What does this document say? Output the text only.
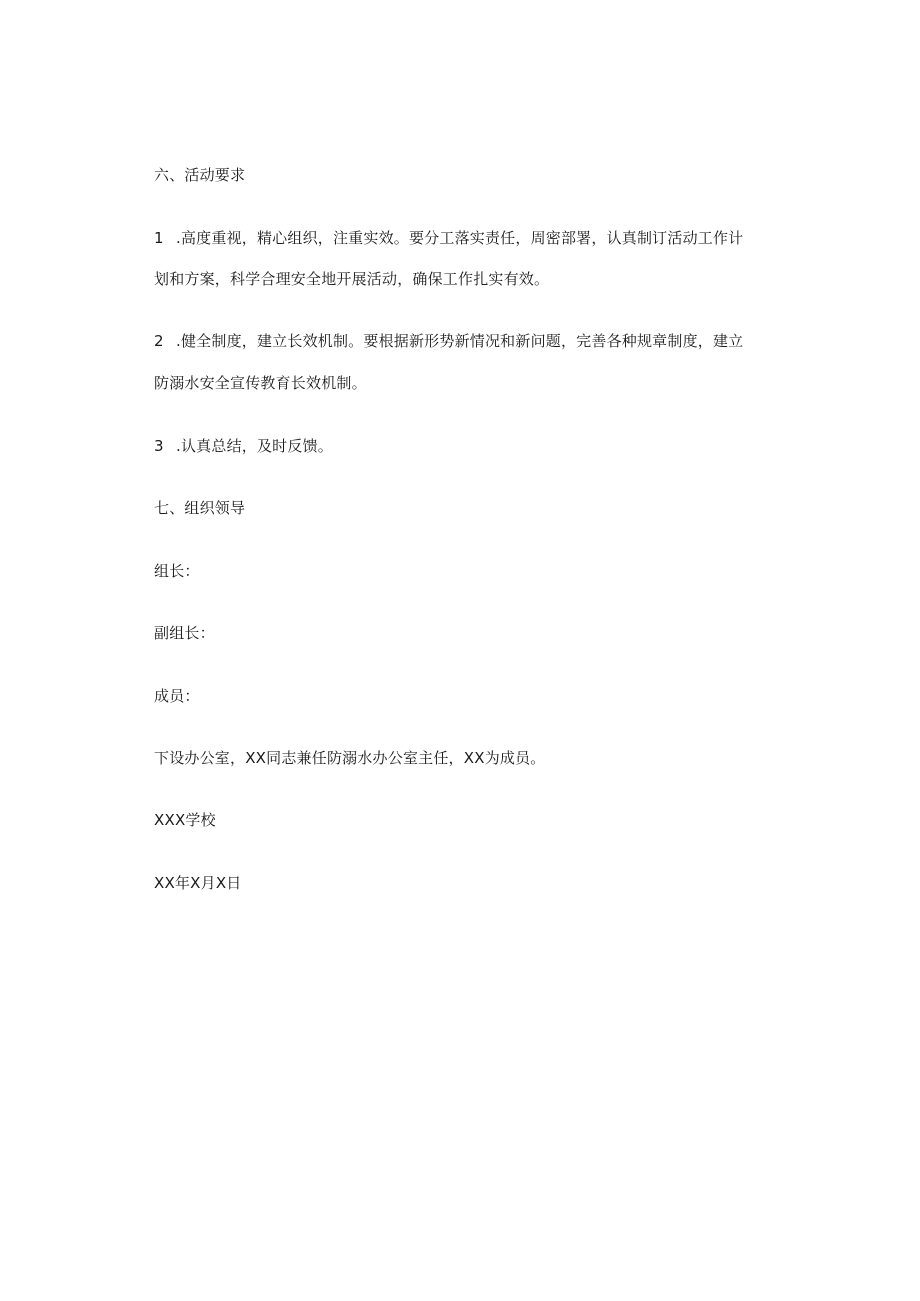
六、活动要求
1 .高度重视，精心组织，注重实效。要分工落实责任，周密部署，认真制订活动工作计
划和方案，科学合理安全地开展活动，确保工作扎实有效。
2 .健全制度，建立长效机制。要根据新形势新情况和新问题，完善各种规章制度，建立
防溺水安全宣传教育长效机制。
3 .认真总结，及时反馈。
七、组织领导
组长：
副组长：
成员：
下设办公室，XX同志兼任防溺水办公室主任，XX为成员。
XXX学校
XX年X月X日
